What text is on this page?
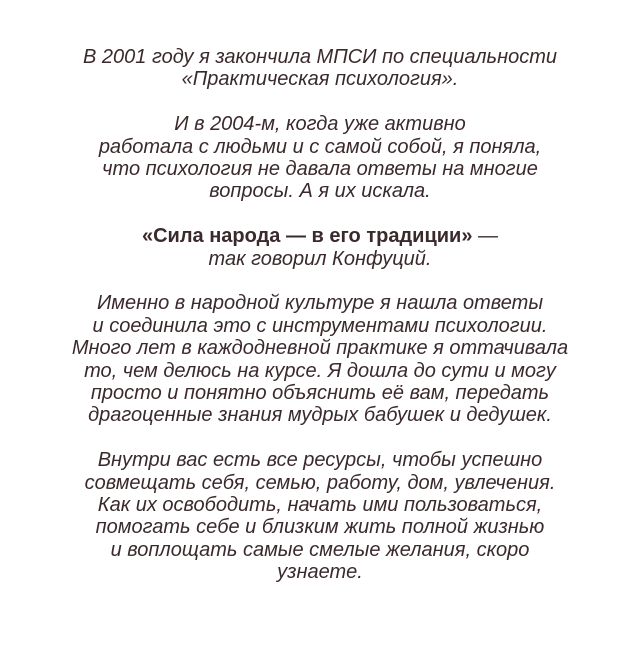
В 2001 году я закончила МПСИ по специальности
«Практическая психология».

И в 2004-м, когда уже активно
работала с людьми и с самой собой, я поняла,
что психология не давала ответы на многие
вопросы. А я их искала.

«Сила народа — в его традиции» —
так говорил Конфуций.

Именно в народной культуре я нашла ответы
и соединила это с инструментами психологии.
Много лет в каждодневной практике я оттачивала
то, чем делюсь на курсе. Я дошла до сути и могу
просто и понятно объяснить её вам, передать
драгоценные знания мудрых бабушек и дедушек.

Внутри вас есть все ресурсы, чтобы успешно
совмещать себя, семью, работу, дом, увлечения.
Как их освободить, начать ими пользоваться,
помогать себе и близким жить полной жизнью
и воплощать самые смелые желания, скоро
узнаете.
